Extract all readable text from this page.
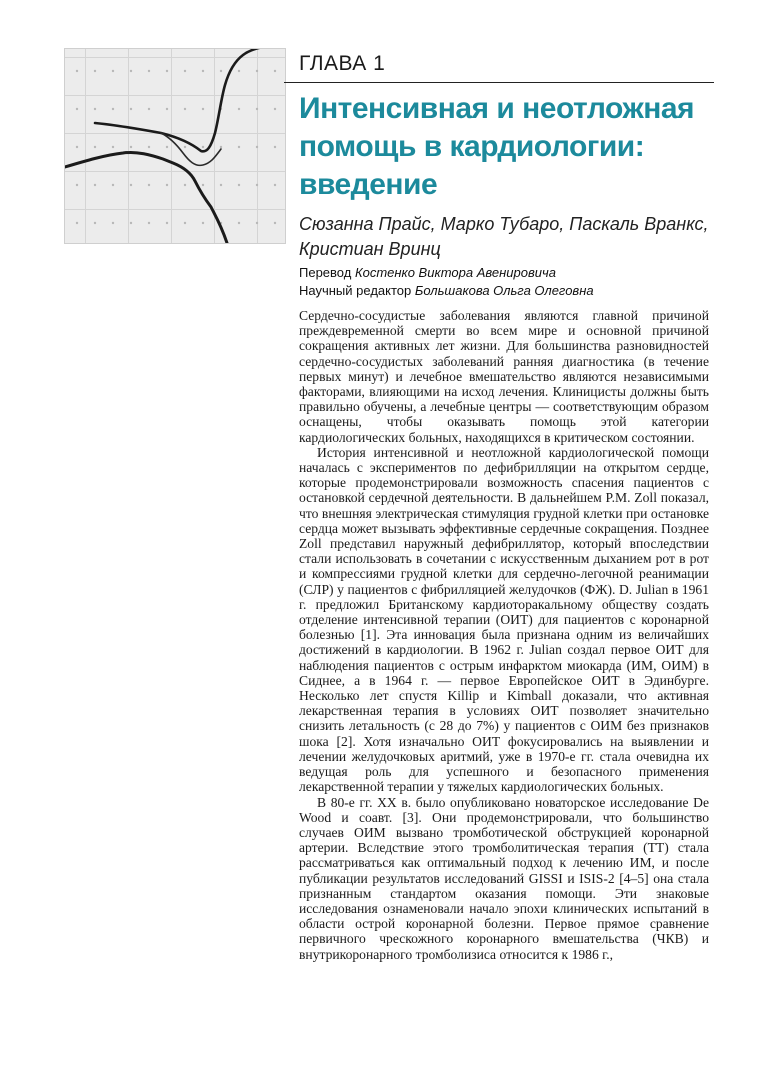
ГЛАВА 1
Интенсивная и неотложная
помощь в кардиологии:
введение
Сюзанна Прайс, Марко Тубаро, Паскаль Вранкс,
Кристиан Вринц
Перевод Костенко Виктора Авенировича
Научный редактор Большакова Ольга Олеговна

Сердечно-сосудистые заболевания являются главной причиной преждевременной смерти во всем мире и основной причиной сокращения активных лет жизни. Для большинства разновидностей сердечно-сосудистых заболеваний ранняя диагностика (в течение первых минут) и лечебное вмешательство являются независимыми факторами, влияющими на исход лечения. Клиницисты должны быть правильно обучены, а лечебные центры — соответствующим образом оснащены, чтобы оказывать помощь этой категории кардиологических больных, находящихся в критическом состоянии.

История интенсивной и неотложной кардиологической помощи началась с экспериментов по дефибрилляции на открытом сердце, которые продемонстрировали возможность спасения пациентов с остановкой сердечной деятельности. В дальнейшем P.M. Zoll показал, что внешняя электрическая стимуляция грудной клетки при остановке сердца может вызывать эффективные сердечные сокращения. Позднее Zoll представил наружный дефибриллятор, который впоследствии стали использовать в сочетании с искусственным дыханием рот в рот и компрессиями грудной клетки для сердечно-легочной реанимации (СЛР) у пациентов с фибрилляцией желудочков (ФЖ). D. Julian в 1961 г. предложил Британскому кардиоторакальному обществу создать отделение интенсивной терапии (ОИТ) для пациентов с коронарной болезнью [1]. Эта инновация была признана одним из величайших достижений в кардиологии. В 1962 г. Julian создал первое ОИТ для наблюдения пациентов с острым инфарктом миокарда (ИМ, ОИМ) в Сиднее, а в 1964 г. — первое Европейское ОИТ в Эдинбурге. Несколько лет спустя Killip и Kimball доказали, что активная лекарственная терапия в условиях ОИТ позволяет значительно снизить летальность (с 28 до 7%) у пациентов с ОИМ без признаков шока [2]. Хотя изначально ОИТ фокусировались на выявлении и лечении желудочковых аритмий, уже в 1970-е гг. стала очевидна их ведущая роль для успешного и безопасного применения лекарственной терапии у тяжелых кардиологических больных.

В 80-е гг. XX в. было опубликовано новаторское исследование De Wood и соавт. [3]. Они продемонстрировали, что большинство случаев ОИМ вызвано тромботической обструкцией коронарной артерии. Вследствие этого тромболитическая терапия (ТТ) стала рассматриваться как оптимальный подход к лечению ИМ, и после публикации результатов исследований GISSI и ISIS-2 [4–5] она стала признанным стандартом оказания помощи. Эти знаковые исследования ознаменовали начало эпохи клинических испытаний в области острой коронарной болезни. Первое прямое сравнение первичного чрескожного коронарного вмешательства (ЧКВ) и внутрикоронарного тромболизиса относится к 1986 г.,
